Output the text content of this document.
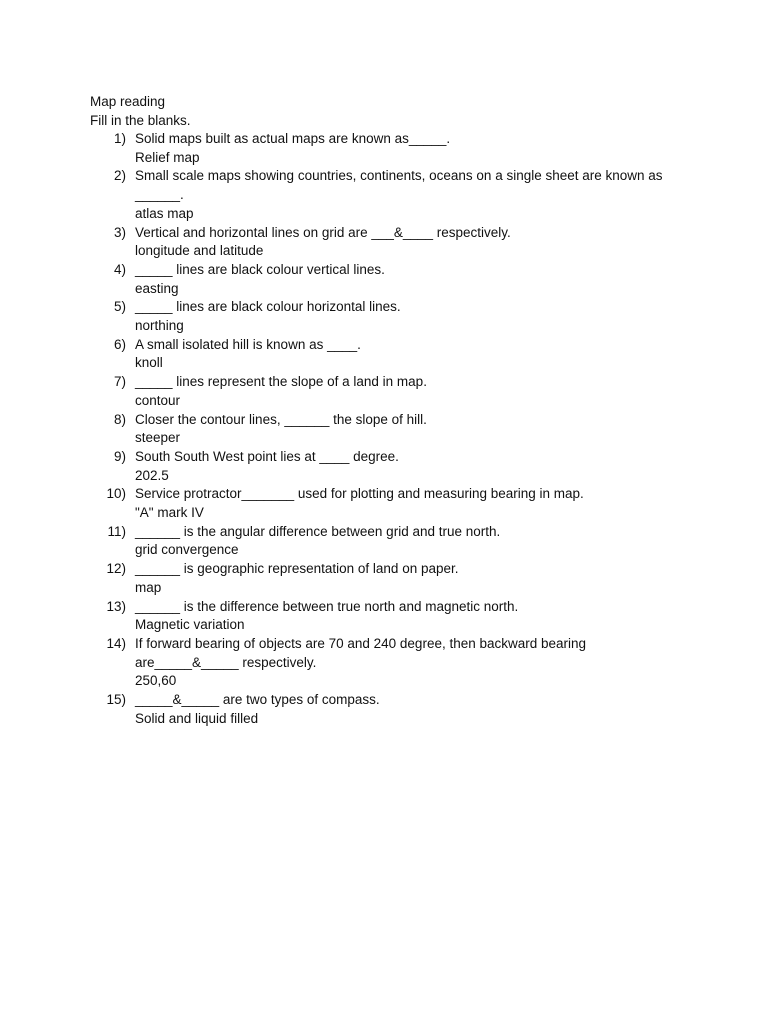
Map reading
Fill in the blanks.
1) Solid maps built as actual maps are known as_____.
Relief map
2) Small scale maps showing countries, continents, oceans on a single sheet are known as ______.
atlas map
3) Vertical and horizontal lines on grid are ___&____ respectively.
longitude and latitude
4) _____ lines are black colour vertical lines.
easting
5) _____ lines are black colour horizontal lines.
northing
6) A small isolated hill is known as ____.
knoll
7) _____ lines represent the slope of a land in map.
contour
8) Closer the contour lines, ______ the slope of hill.
steeper
9) South South West point lies at ____ degree.
202.5
10) Service protractor_______ used for plotting and measuring bearing in map.
"A" mark IV
11) ______ is the angular difference between grid and true north.
grid convergence
12) ______ is geographic representation of land on paper.
map
13) ______ is the difference between true north and magnetic north.
Magnetic variation
14) If forward bearing of objects are 70 and 240 degree, then backward bearing are_____&_____ respectively.
250,60
15) _____&_____ are two types of compass.
Solid and liquid filled
